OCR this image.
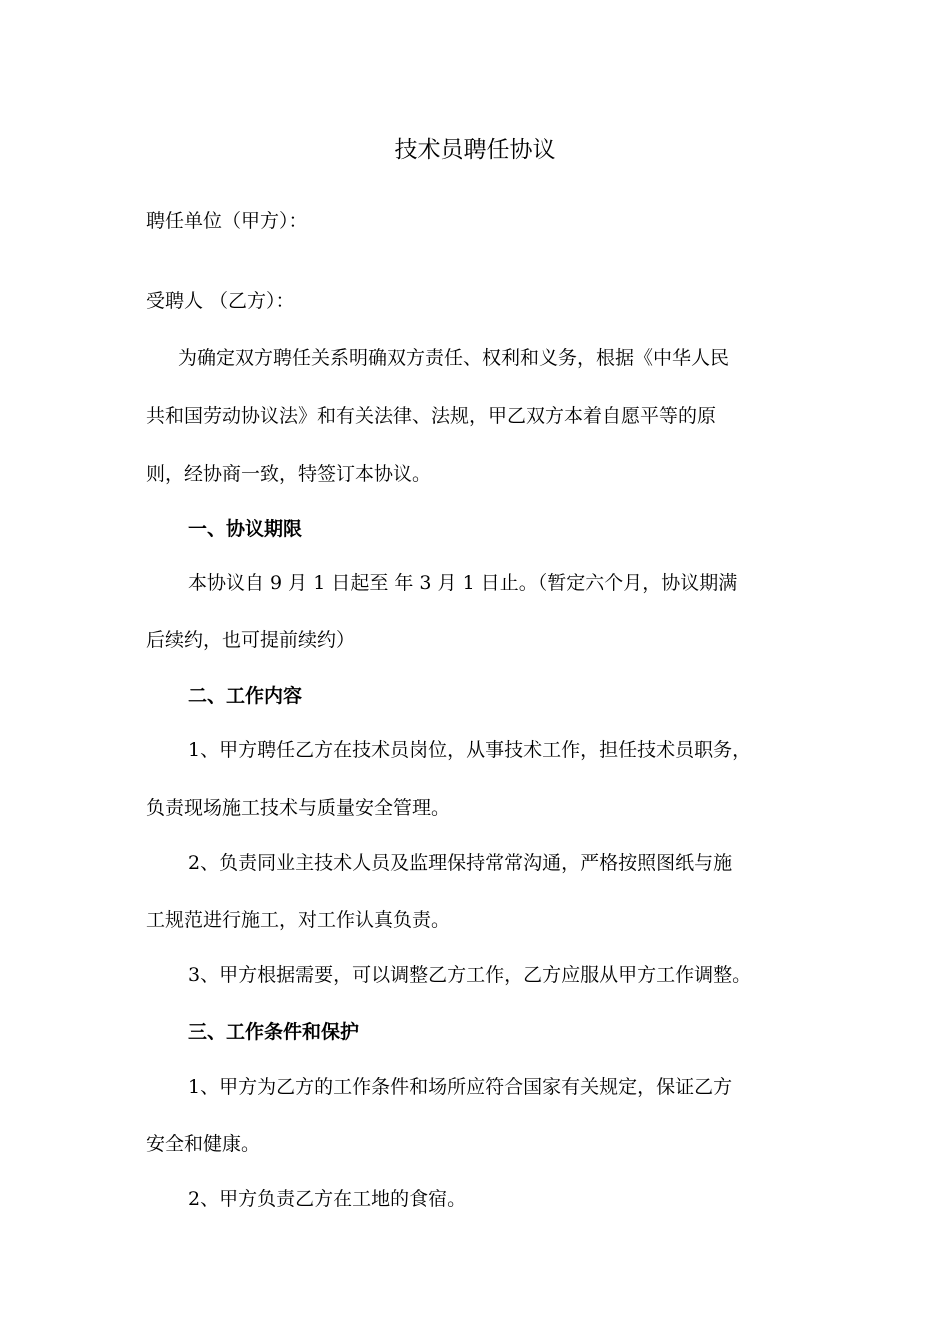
技术员聘任协议
聘任单位（甲方）：
受聘人 （乙方）：
为确定双方聘任关系明确双方责任、权利和义务，根据《中华人民
共和国劳动协议法》和有关法律、法规，甲乙双方本着自愿平等的原
则，经协商一致，特签订本协议。
一、协议期限
本协议自 9 月 1 日起至 年 3 月 1 日止。（暂定六个月，协议期满
后续约，也可提前续约）
二、工作内容
1、甲方聘任乙方在技术员岗位，从事技术工作，担任技术员职务，
负责现场施工技术与质量安全管理。
2、负责同业主技术人员及监理保持常常沟通，严格按照图纸与施
工规范进行施工，对工作认真负责。
3、甲方根据需要，可以调整乙方工作，乙方应服从甲方工作调整。
三、工作条件和保护
1、甲方为乙方的工作条件和场所应符合国家有关规定，保证乙方
安全和健康。
2、甲方负责乙方在工地的食宿。
